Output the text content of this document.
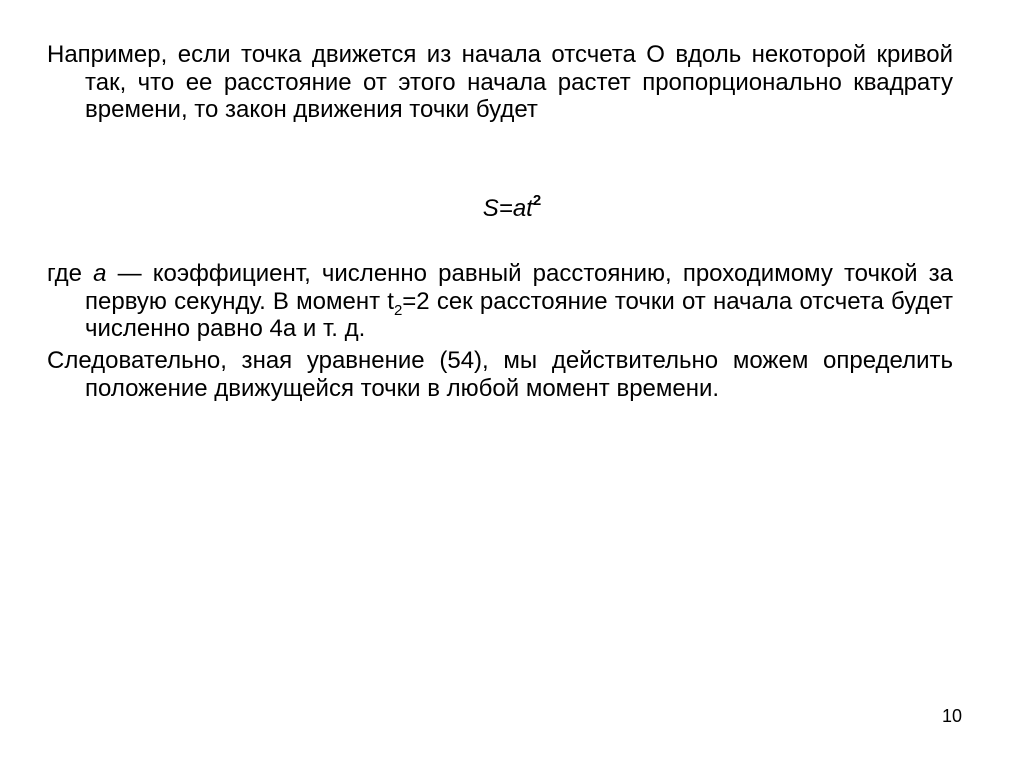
Например, если точка движется из начала отсчета O вдоль некоторой кривой так, что ее расстояние от этого начала растет пропорционально квадрату времени, то закон движения точки будет

$S=at^2$

где a — коэффициент, численно равный расстоянию, проходимому точкой за первую секунду. В момент $t_2=2$ сек расстояние точки от начала отсчета будет численно равно 4a и т. д.

Следовательно, зная уравнение (54), мы действительно можем определить положение движущейся точки в любой момент времени.

10
